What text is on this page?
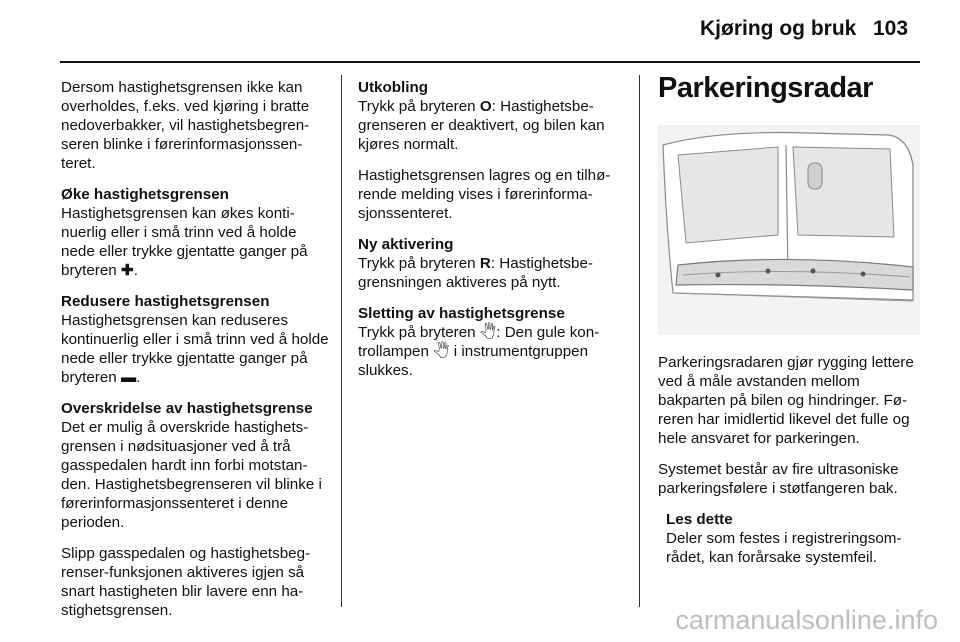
Kjøring og bruk 103

Dersom hastighetsgrensen ikke kan overholdes, f.eks. ved kjøring i bratte nedoverbakker, vil hastighetsbegrenseren blinke i førerinformasjonssenteret.

Øke hastighetsgrensen
Hastighetsgrensen kan økes kontinuerlig eller i små trinn ved å holde nede eller trykke gjentatte ganger på bryteren ✚.

Redusere hastighetsgrensen
Hastighetsgrensen kan reduseres kontinuerlig eller i små trinn ved å holde nede eller trykke gjentatte ganger på bryteren ▬.

Overskridelse av hastighetsgrense
Det er mulig å overskride hastighetsgrensen i nødsituasjoner ved å trå gasspedalen hardt inn forbi motstanden. Hastighetsbegrenseren vil blinke i førerinformasjonssenteret i denne perioden.

Slipp gasspedalen og hastighetsbegrenser-funksjonen aktiveres igjen så snart hastigheten blir lavere enn hastighetsgrensen.

Utkobling
Trykk på bryteren O: Hastighetsbegrenseren er deaktivert, og bilen kan kjøres normalt.

Hastighetsgrensen lagres og en tilhørende melding vises i førerinformasjonssenteret.

Ny aktivering
Trykk på bryteren R: Hastighetsbegrensningen aktiveres på nytt.

Sletting av hastighetsgrense
Trykk på bryteren 🖑: Den gule kontrollampen 🖑 i instrumentgruppen slukkes.

Parkeringsradar

Parkeringsradaren gjør rygging lettere ved å måle avstanden mellom bakparten på bilen og hindringer. Føreren har imidlertid likevel det fulle og hele ansvaret for parkeringen.

Systemet består av fire ultrasoniske parkeringsfølere i støtfangeren bak.

Les dette
Deler som festes i registreringsområdet, kan forårsake systemfeil.
carmanualsonline.info
